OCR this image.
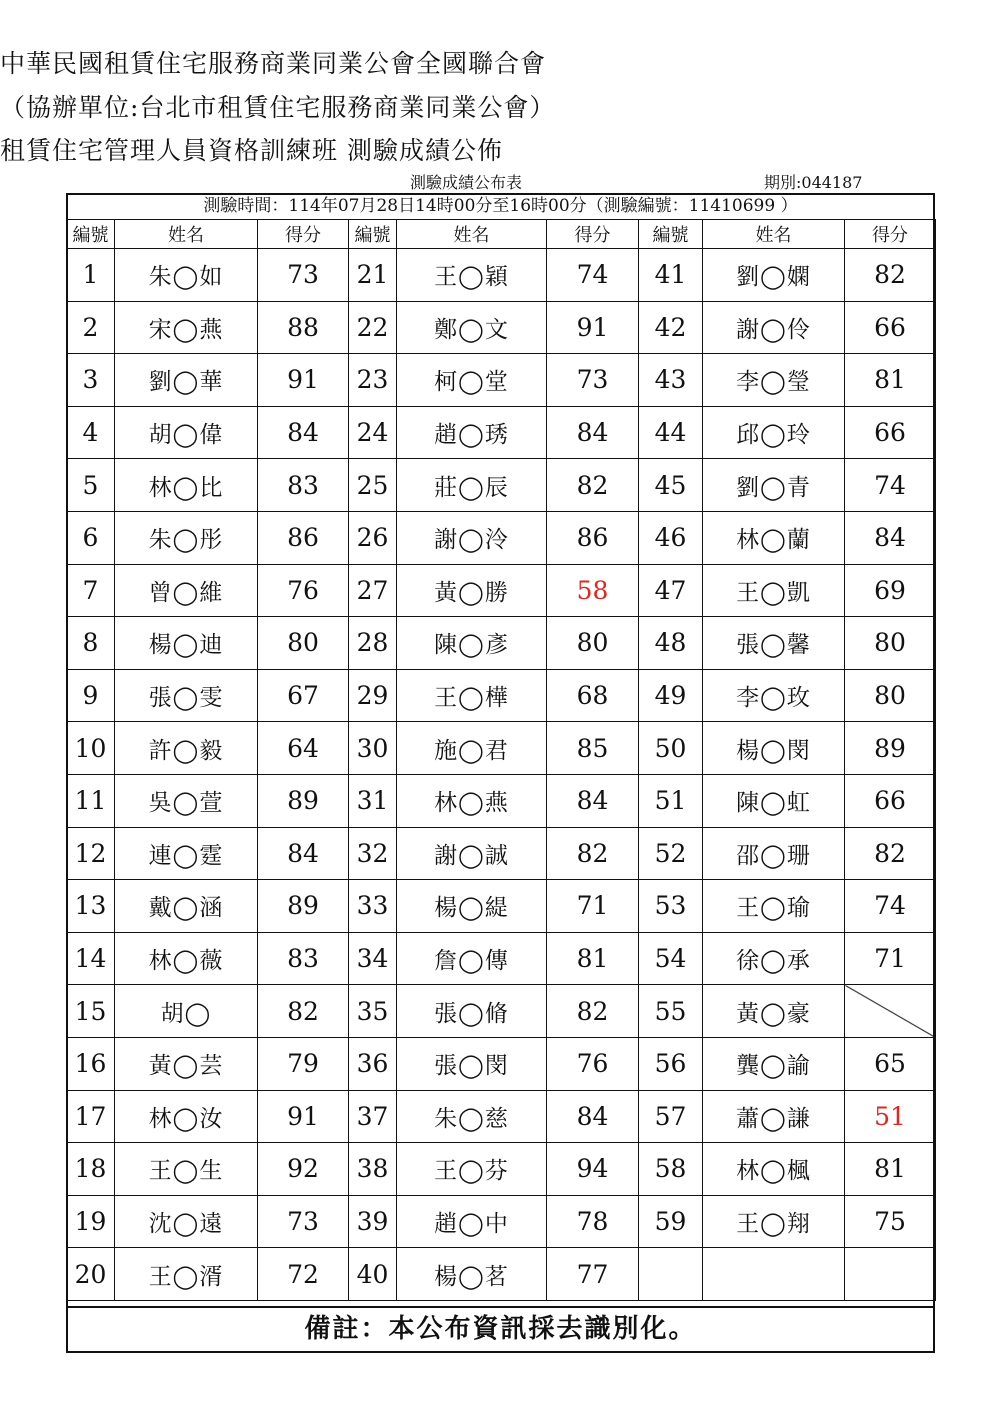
中華民國租賃住宅服務商業同業公會全國聯合會
（協辦單位:台北市租賃住宅服務商業同業公會）
租賃住宅管理人員資格訓練班 測驗成績公佈
測驗成績公布表	期別:044187
測驗時間：114年07月28日14時00分至16時00分（測驗編號：11410699 ）
編號	姓名	得分	編號	姓名	得分	編號	姓名	得分
1	朱◯如	73	21	王◯穎	74	41	劉◯嫻	82
2	宋◯燕	88	22	鄭◯文	91	42	謝◯伶	66
3	劉◯華	91	23	柯◯堂	73	43	李◯瑩	81
4	胡◯偉	84	24	趙◯琇	84	44	邱◯玲	66
5	林◯比	83	25	莊◯辰	82	45	劉◯青	74
6	朱◯彤	86	26	謝◯泠	86	46	林◯蘭	84
7	曾◯維	76	27	黃◯勝	58	47	王◯凱	69
8	楊◯迪	80	28	陳◯彥	80	48	張◯馨	80
9	張◯雯	67	29	王◯樺	68	49	李◯玫	80
10	許◯毅	64	30	施◯君	85	50	楊◯閔	89
11	吳◯萱	89	31	林◯燕	84	51	陳◯虹	66
12	連◯霆	84	32	謝◯誠	82	52	邵◯珊	82
13	戴◯涵	89	33	楊◯緹	71	53	王◯瑜	74
14	林◯薇	83	34	詹◯傳	81	54	徐◯承	71
15	胡◯	82	35	張◯脩	82	55	黃◯豪	
16	黃◯芸	79	36	張◯閔	76	56	龔◯諭	65
17	林◯汝	91	37	朱◯慈	84	57	蕭◯謙	51
18	王◯生	92	38	王◯芬	94	58	林◯楓	81
19	沈◯遠	73	39	趙◯中	78	59	王◯翔	75
20	王◯湑	72	40	楊◯茗	77			
備註：本公布資訊採去識別化。
